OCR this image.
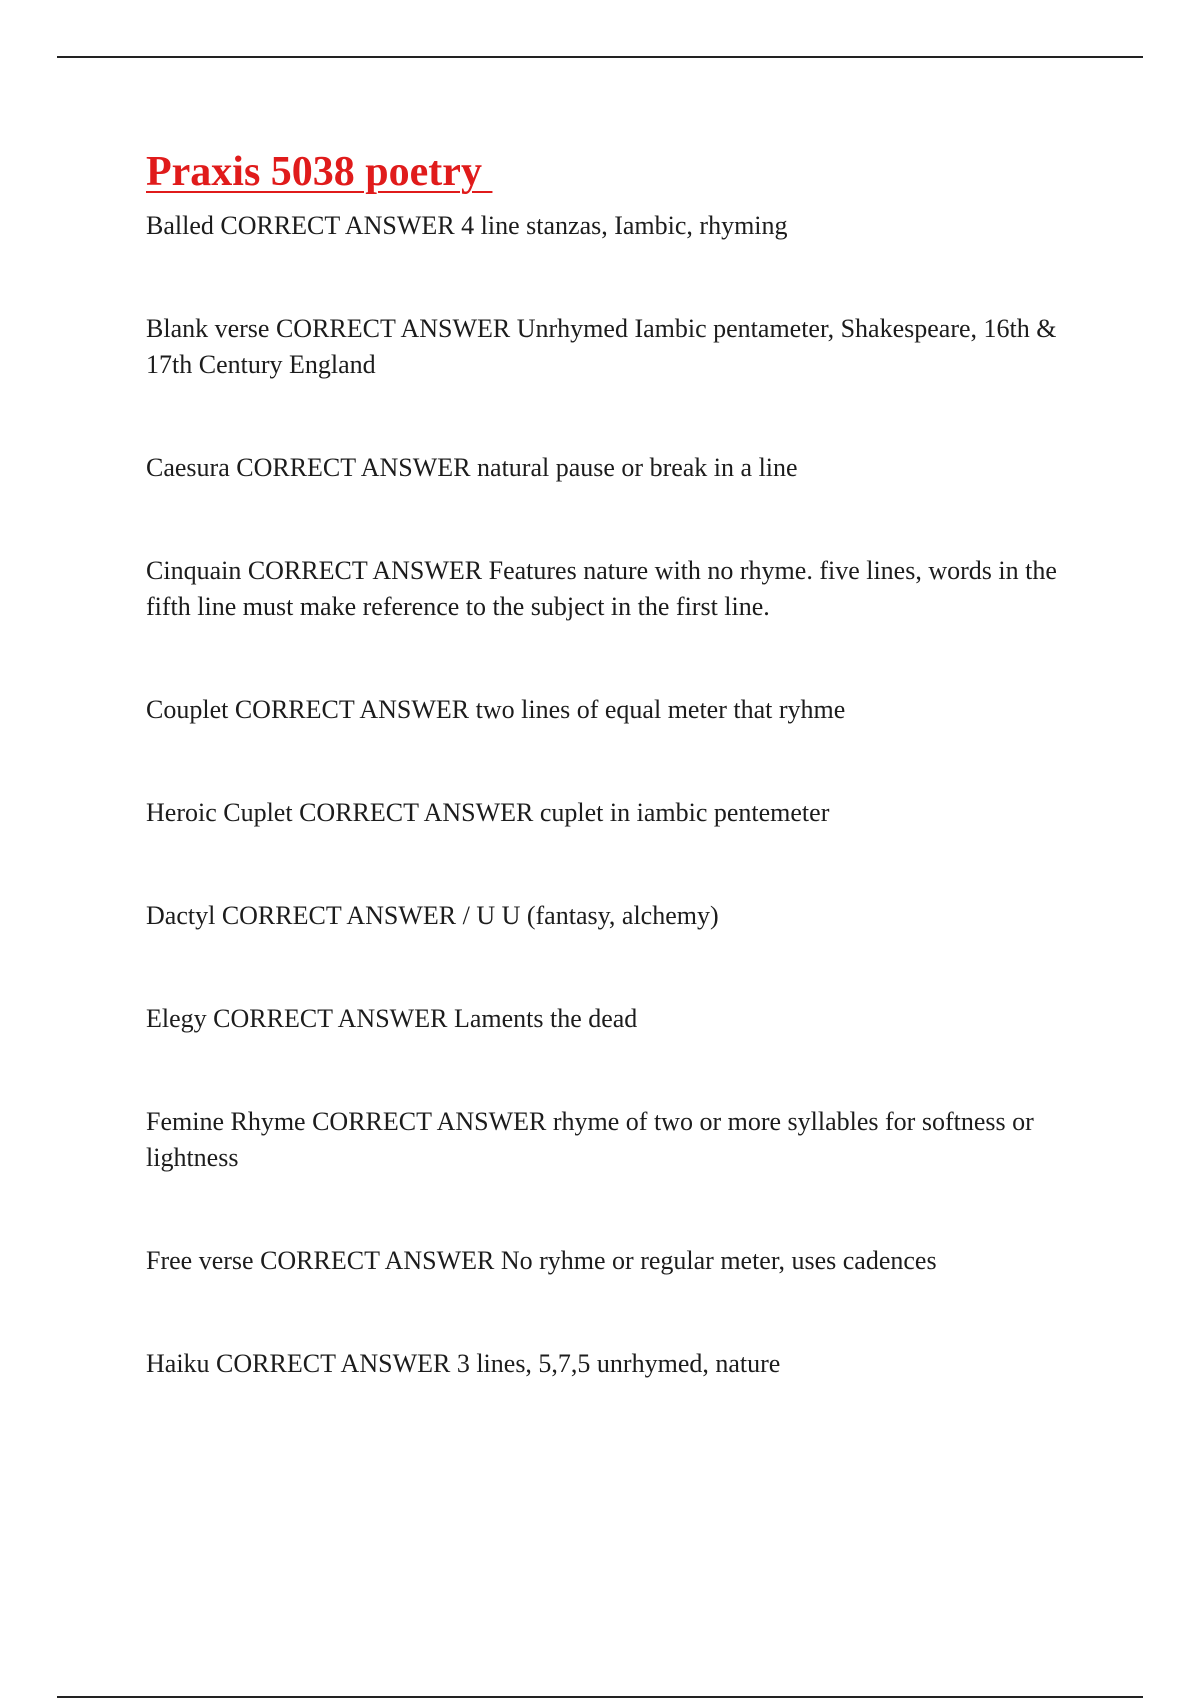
Praxis 5038 poetry
Balled CORRECT ANSWER 4 line stanzas, Iambic, rhyming
Blank verse CORRECT ANSWER Unrhymed Iambic pentameter, Shakespeare, 16th & 17th Century England
Caesura CORRECT ANSWER natural pause or break in a line
Cinquain CORRECT ANSWER Features nature with no rhyme. five lines, words in the fifth line must make reference to the subject in the first line.
Couplet CORRECT ANSWER two lines of equal meter that ryhme
Heroic Cuplet CORRECT ANSWER cuplet in iambic pentemeter
Dactyl CORRECT ANSWER / U U (fantasy, alchemy)
Elegy CORRECT ANSWER Laments the dead
Femine Rhyme CORRECT ANSWER rhyme of two or more syllables for softness or lightness
Free verse CORRECT ANSWER No ryhme or regular meter, uses cadences
Haiku CORRECT ANSWER 3 lines, 5,7,5 unrhymed, nature
